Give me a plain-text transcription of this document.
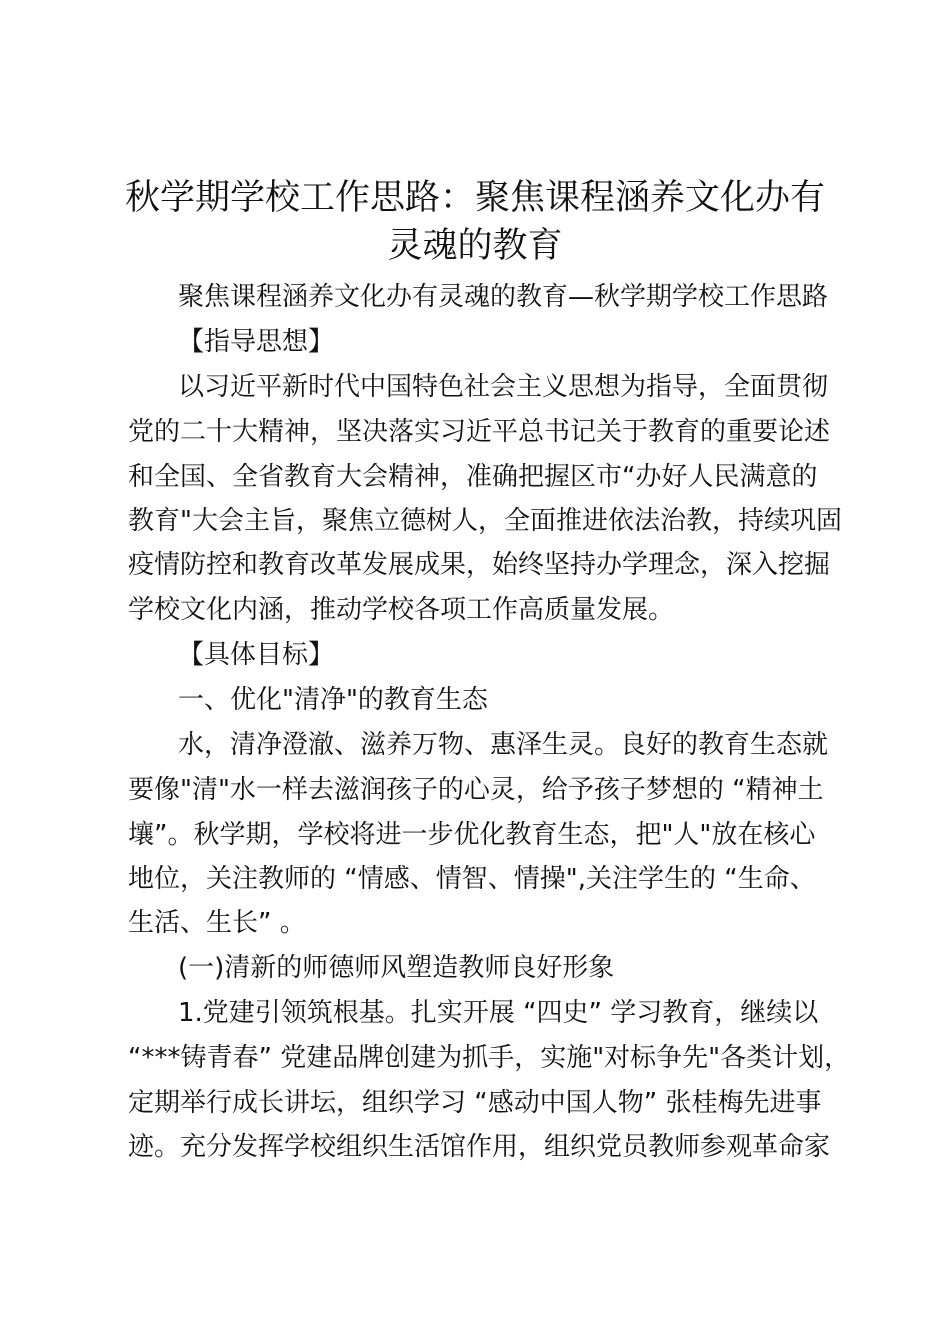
秋学期学校工作思路：聚焦课程涵养文化办有
灵魂的教育

聚焦课程涵养文化办有灵魂的教育—秋学期学校工作思路

【指导思想】

以习近平新时代中国特色社会主义思想为指导，全面贯彻

党的二十大精神，坚决落实习近平总书记关于教育的重要论述

和全国、全省教育大会精神，准确把握区市“办好人民满意的

教育"大会主旨，聚焦立德树人，全面推进依法治教，持续巩固

疫情防控和教育改革发展成果，始终坚持办学理念，深入挖掘

学校文化内涵，推动学校各项工作高质量发展。

【具体目标】

一、优化"清净"的教育生态

水，清净澄澈、滋养万物、惠泽生灵。良好的教育生态就

要像"清"水一样去滋润孩子的心灵，给予孩子梦想的 “精神土

壤”。秋学期，学校将进一步优化教育生态，把"人"放在核心

地位，关注教师的 “情感、情智、情操",关注学生的 “生命、

生活、生长” 。

(一)清新的师德师风塑造教师良好形象

1.党建引领筑根基。扎实开展 “四史” 学习教育，继续以

“***铸青春” 党建品牌创建为抓手，实施"对标争先"各类计划，

定期举行成长讲坛，组织学习 “感动中国人物” 张桂梅先进事

迹。充分发挥学校组织生活馆作用，组织党员教师参观革命家
